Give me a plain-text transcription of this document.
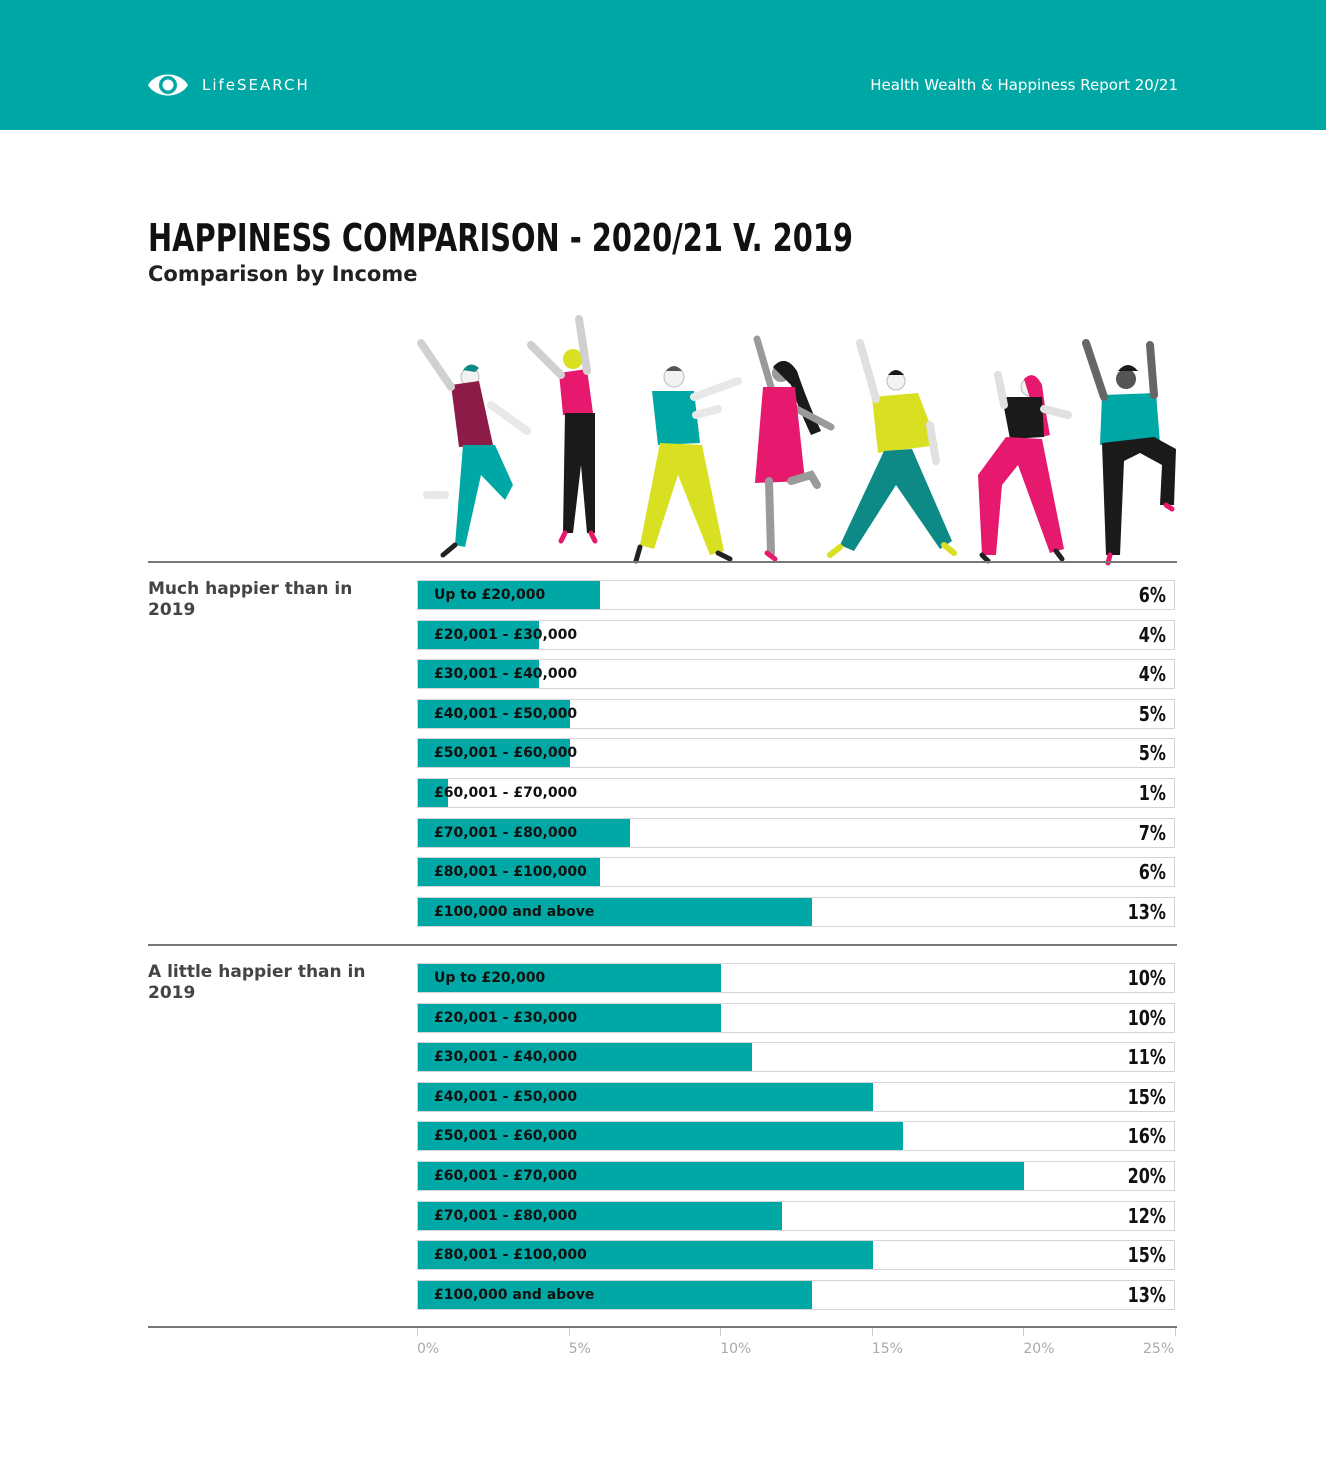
LifeSEARCH	Health Wealth & Happiness Report 20/21
HAPPINESS COMPARISON - 2020/21 V. 2019
Comparison by Income

Much happier than in 2019

A little happier than in 2019

Up to £20,000	6%
£20,001 - £30,000	4%
£30,001 - £40,000	4%
£40,001 - £50,000	5%
£50,001 - £60,000	5%
£60,001 - £70,000	1%
£70,001 - £80,000	7%
£80,001 - £100,000	6%
£100,000 and above	13%
Up to £20,000	10%
£20,001 - £30,000	10%
£30,001 - £40,000	11%
£40,001 - £50,000	15%
£50,001 - £60,000	16%
£60,001 - £70,000	20%
£70,001 - £80,000	12%
£80,001 - £100,000	15%
£100,000 and above	13%
0%	5%	10%	15%	20%	25%
